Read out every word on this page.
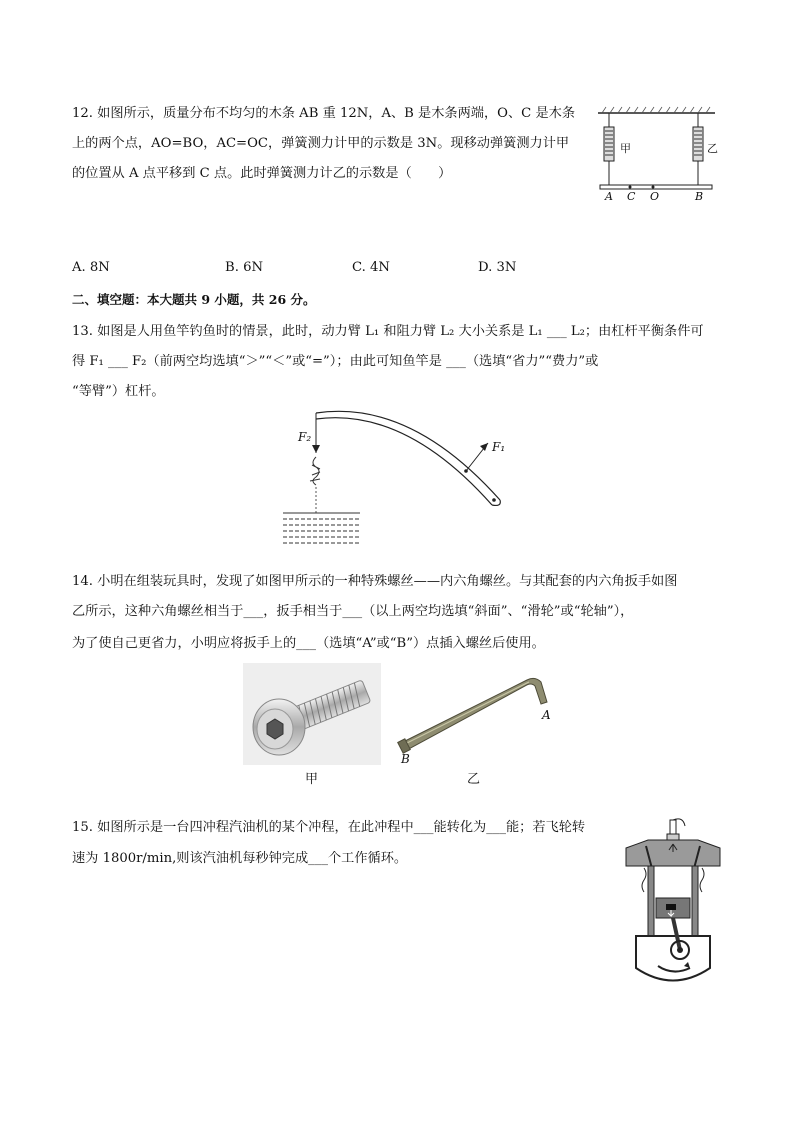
12. 如图所示，质量分布不均匀的木条 AB 重 12N，A、B 是木条两端，O、C 是木条
上的两个点，AO=BO，AC=OC，弹簧测力计甲的示数是 3N。现移动弹簧测力计甲
的位置从 A 点平移到 C 点。此时弹簧测力计乙的示数是（　　）
甲	乙
A C O	B
A. 8N	B. 6N	C. 4N	D. 3N
二、填空题：本大题共 9 小题，共 26 分。
13. 如图是人用鱼竿钓鱼时的情景，此时，动力臂 L₁ 和阻力臂 L₂ 大小关系是 L₁ ___ L₂；由杠杆平衡条件可
得 F₁ ___ F₂（前两空均选填“＞”“＜”或“=”）；由此可知鱼竿是 ___（选填“省力”“费力”或
“等臂”）杠杆。
F₂
F₁
14. 小明在组装玩具时，发现了如图甲所示的一种特殊螺丝——内六角螺丝。与其配套的内六角扳手如图
乙所示，这种六角螺丝相当于___，扳手相当于___（以上两空均选填“斜面”、“滑轮”或“轮轴”），
为了使自己更省力，小明应将扳手上的___（选填“A”或“B”）点插入螺丝后使用。
甲
A
B
乙
15. 如图所示是一台四冲程汽油机的某个冲程，在此冲程中___能转化为___能；若飞轮转
速为 1800r/min,则该汽油机每秒钟完成___个工作循环。
